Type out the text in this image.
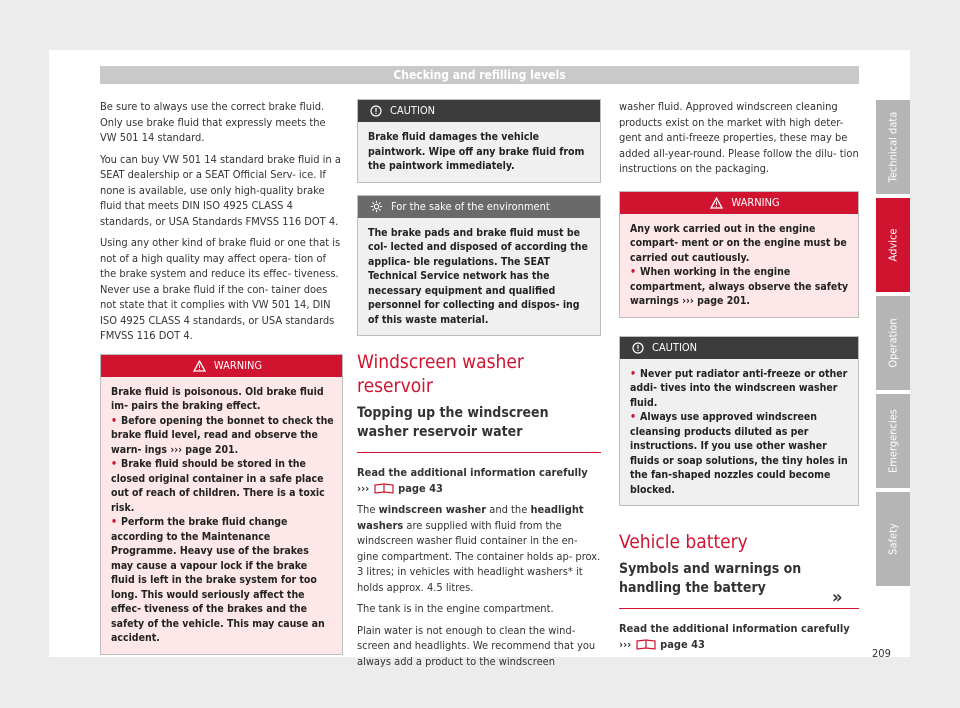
Checking and refilling levels

Be sure to always use the correct brake fluid. Only use brake fluid that expressly meets the VW 501 14 standard.

You can buy VW 501 14 standard brake fluid in a SEAT dealership or a SEAT Official Serv- ice. If none is available, use only high-quality brake fluid that meets DIN ISO 4925 CLASS 4 standards, or USA Standards FMVSS 116 DOT 4.

Using any other kind of brake fluid or one that is not of a high quality may affect opera- tion of the brake system and reduce its effec- tiveness. Never use a brake fluid if the con- tainer does not state that it complies with VW 501 14, DIN ISO 4925 CLASS 4 standards, or USA standards FMVSS 116 DOT 4.

WARNING
Brake fluid is poisonous. Old brake fluid im- pairs the braking effect.
• Before opening the bonnet to check the brake fluid level, read and observe the warn- ings ››› page 201.
• Brake fluid should be stored in the closed original container in a safe place out of reach of children. There is a toxic risk.
• Perform the brake fluid change according to the Maintenance Programme. Heavy use of the brakes may cause a vapour lock if the brake fluid is left in the brake system for too long. This would seriously affect the effec- tiveness of the brakes and the safety of the vehicle. This may cause an accident.
CAUTION
Brake fluid damages the vehicle paintwork. Wipe off any brake fluid from the paintwork immediately.
For the sake of the environment
The brake pads and brake fluid must be col- lected and disposed of according the applica- ble regulations. The SEAT Technical Service network has the necessary equipment and qualified personnel for collecting and dispos- ing of this waste material.
Windscreen washer reservoir
Topping up the windscreen washer reservoir water

Read the additional information carefully
›››	page 43

The windscreen washer and the headlight washers are supplied with fluid from the windscreen washer fluid container in the en- gine compartment. The container holds ap- prox. 3 litres; in vehicles with headlight washers* it holds approx. 4.5 litres.

The tank is in the engine compartment.

Plain water is not enough to clean the wind- screen and headlights. We recommend that you always add a product to the windscreen

washer fluid. Approved windscreen cleaning products exist on the market with high deter- gent and anti-freeze properties, these may be added all-year-round. Please follow the dilu- tion instructions on the packaging.

WARNING
Any work carried out in the engine compart- ment or on the engine must be carried out cautiously.
• When working in the engine compartment, always observe the safety warnings ››› page 201.
CAUTION
• Never put radiator anti-freeze or other addi- tives into the windscreen washer fluid.
• Always use approved windscreen cleansing products diluted as per instructions. If you use other washer fluids or soap solutions, the tiny holes in the fan-shaped nozzles could become blocked.
Vehicle battery
Symbols and warnings on handling the battery

Read the additional information carefully
›››	page 43

»
Technical data
Advice
Operation
Emergencies
Safety
209
